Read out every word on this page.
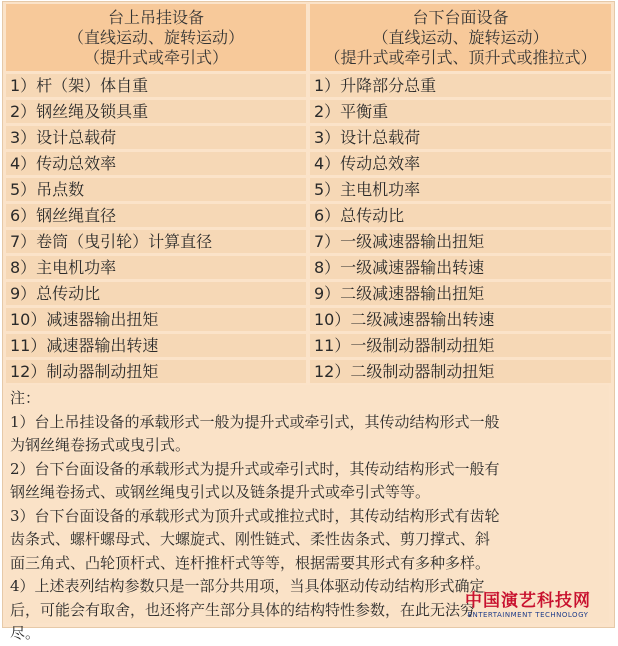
台上吊挂设备
（直线运动、旋转运动）
（提升式或牵引式）
台下台面设备
（直线运动、旋转运动）
（提升式或牵引式、顶升式或推拉式）
1）杆（架）体自重	1）升降部分总重
2）钢丝绳及锁具重	2）平衡重
3）设计总载荷	3）设计总载荷
4）传动总效率	4）传动总效率
5）吊点数	5）主电机功率
6）钢丝绳直径	6）总传动比
7）卷筒（曳引轮）计算直径	7）一级减速器输出扭矩
8）主电机功率	8）一级减速器输出转速
9）总传动比	9）二级减速器输出扭矩
10）减速器输出扭矩	10）二级减速器输出转速
11）减速器输出转速	11）一级制动器制动扭矩
12）制动器制动扭矩	12）二级制动器制动扭矩
注：
1）台上吊挂设备的承载形式一般为提升式或牵引式，其传动结构形式一般
为钢丝绳卷扬式或曳引式。
2）台下台面设备的承载形式为提升式或牵引式时，其传动结构形式一般有
钢丝绳卷扬式、或钢丝绳曳引式以及链条提升式或牵引式等等。
3）台下台面设备的承载形式为顶升式或推拉式时，其传动结构形式有齿轮
齿条式、螺杆螺母式、大螺旋式、刚性链式、柔性齿条式、剪刀撑式、斜
面三角式、凸轮顶杆式、连杆推杆式等等，根据需要其形式有多种多样。
4）上述表列结构参数只是一部分共用项，当具体驱动传动结构形式确定
后，可能会有取舍，也还将产生部分具体的结构特性参数，在此无法穷
尽。
中国演艺科技网
ENTERTAINMENT TECHNOLOGY
